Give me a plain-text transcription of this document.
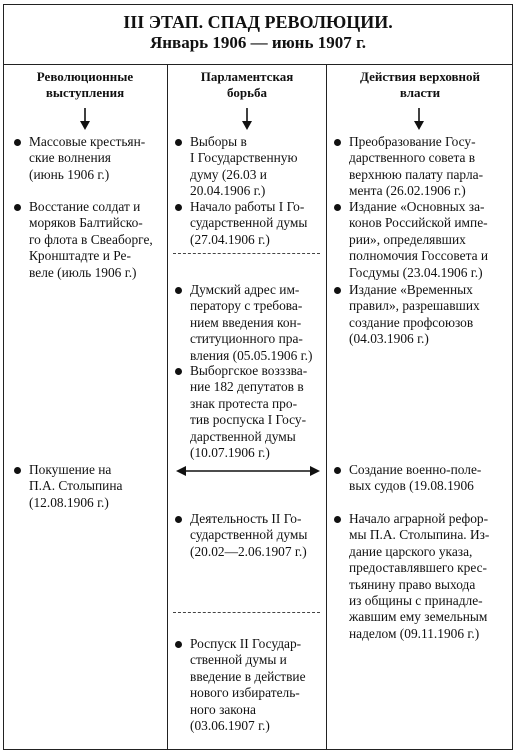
III ЭТАП. СПАД РЕВОЛЮЦИИ.
Январь 1906 — июнь 1907 г.
Революционные
выступления
Парламентская
борьба
Действия верховной
власти
Массовые крестьян-
ские волнения
(июнь 1906 г.)
Восстание солдат и
моряков Балтийско-
го флота в Свеаборге,
Кронштадте и Ре-
веле (июль 1906 г.)
Покушение на
П.А. Столыпина
(12.08.1906 г.)
Выборы в
I Государственную
думу (26.03 и
20.04.1906 г.)
Начало работы I Го-
сударственной думы
(27.04.1906 г.)
Думский адрес им-
ператору с требова-
нием введения кон-
ституционного пра-
вления (05.05.1906 г.)
Выборгское возззва-
ние 182 депутатов в
знак протеста про-
тив роспуска I Госу-
дарственной думы
(10.07.1906 г.)
Деятельность II Го-
сударственной думы
(20.02—2.06.1907 г.)
Роспуск II Государ-
ственной думы и
введение в действие
нового избиратель-
ного закона
(03.06.1907 г.)
Преобразование Госу-
дарственного совета в
верхнюю палату парла-
мента (26.02.1906 г.)
Издание «Основных за-
конов Российской импе-
рии», определявших
полномочия Госсовета и
Госдумы (23.04.1906 г.)
Издание «Временных
правил», разрешавших
создание профсоюзов
(04.03.1906 г.)
Создание военно-поле-
вых судов (19.08.1906
Начало аграрной рефор-
мы П.А. Столыпина. Из-
дание царского указа,
предоставлявшего крес-
тьянину право выхода
из общины с принадле-
жавшим ему земельным
наделом (09.11.1906 г.)
